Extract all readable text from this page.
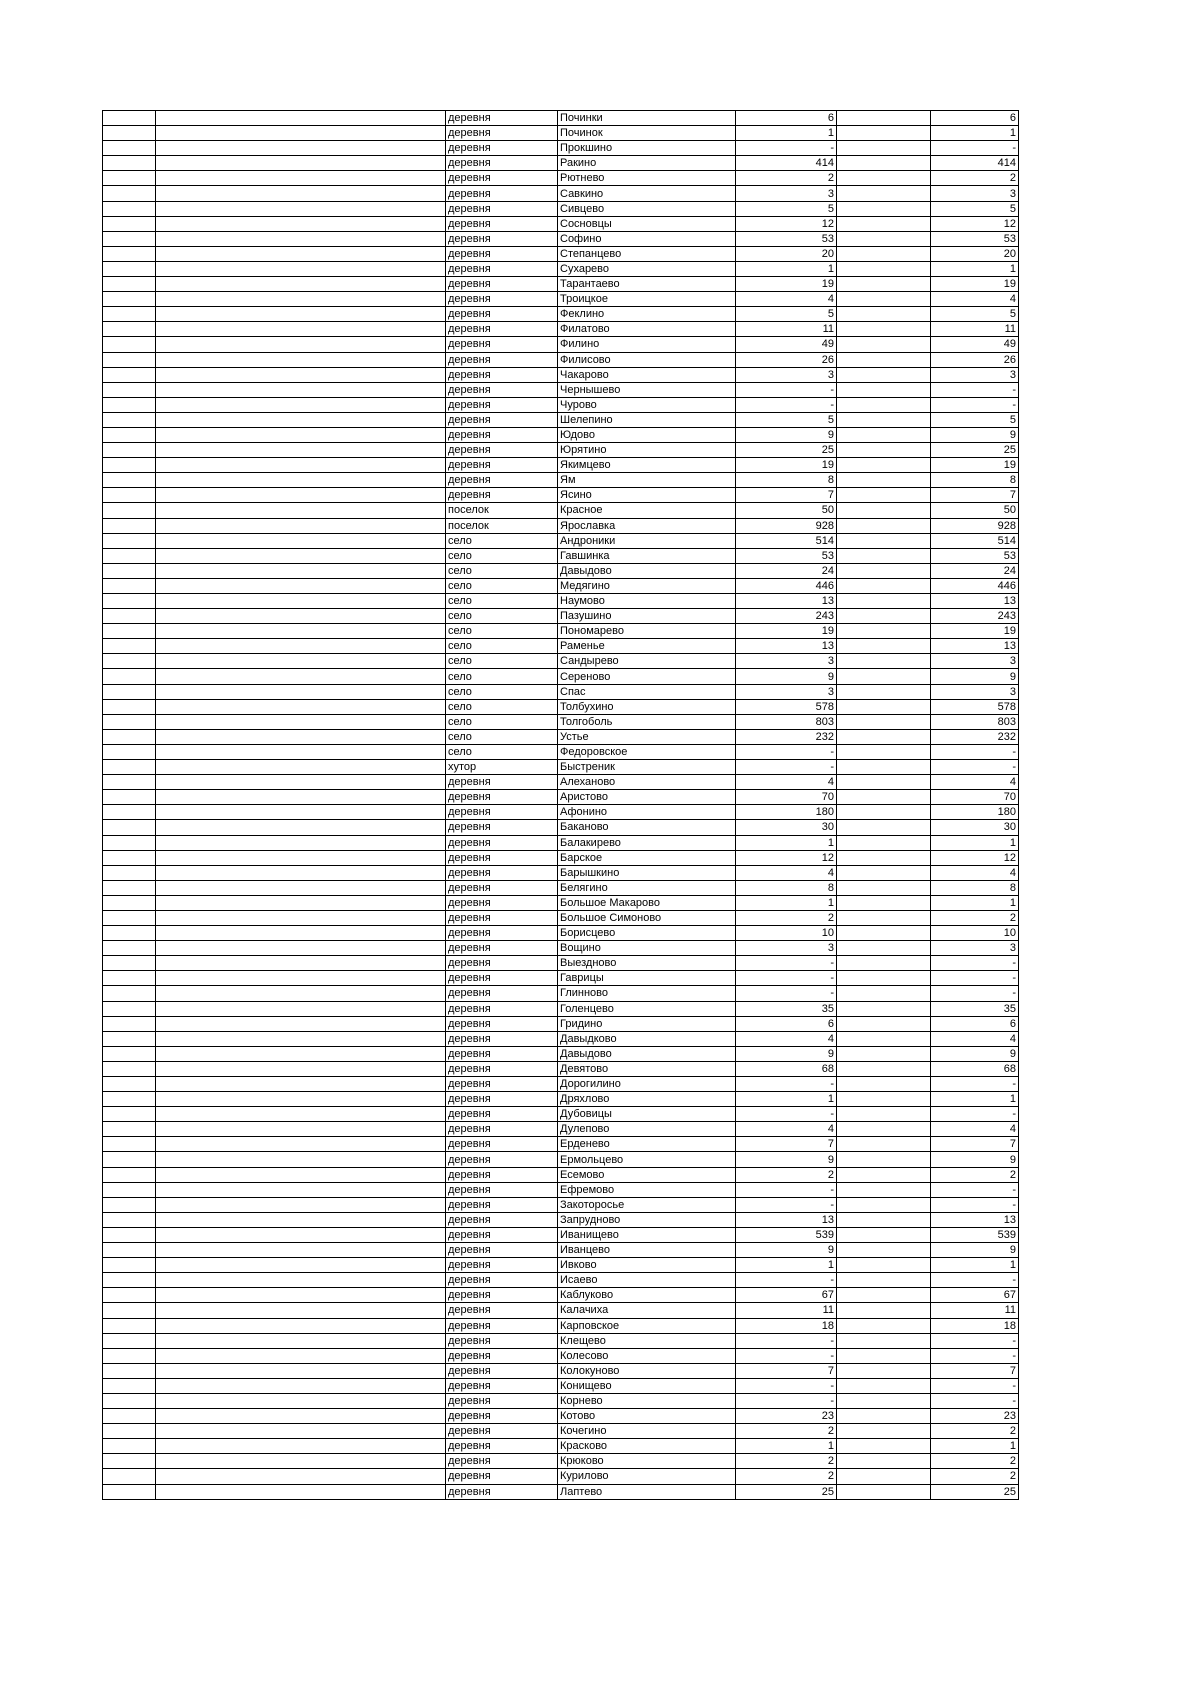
		деревня	Починки	6		6
		деревня	Починок	1		1
		деревня	Прокшино	-		-
		деревня	Ракино	414		414
		деревня	Рютнево	2		2
		деревня	Савкино	3		3
		деревня	Сивцево	5		5
		деревня	Сосновцы	12		12
		деревня	Софино	53		53
		деревня	Степанцево	20		20
		деревня	Сухарево	1		1
		деревня	Тарантаево	19		19
		деревня	Троицкое	4		4
		деревня	Феклино	5		5
		деревня	Филатово	11		11
		деревня	Филино	49		49
		деревня	Филисово	26		26
		деревня	Чакарово	3		3
		деревня	Чернышево	-		-
		деревня	Чурово	-		-
		деревня	Шелепино	5		5
		деревня	Юдово	9		9
		деревня	Юрятино	25		25
		деревня	Якимцево	19		19
		деревня	Ям	8		8
		деревня	Ясино	7		7
		поселок	Красное	50		50
		поселок	Ярославка	928		928
		село	Андроники	514		514
		село	Гавшинка	53		53
		село	Давыдово	24		24
		село	Медягино	446		446
		село	Наумово	13		13
		село	Пазушино	243		243
		село	Пономарево	19		19
		село	Раменье	13		13
		село	Сандырево	3		3
		село	Сереново	9		9
		село	Спас	3		3
		село	Толбухино	578		578
		село	Толгоболь	803		803
		село	Устье	232		232
		село	Федоровское	-		-
		хутор	Быстреник	-		-
		деревня	Алеханово	4		4
		деревня	Аристово	70		70
		деревня	Афонино	180		180
		деревня	Баканово	30		30
		деревня	Балакирево	1		1
		деревня	Барское	12		12
		деревня	Барышкино	4		4
		деревня	Белягино	8		8
		деревня	Большое Макарово	1		1
		деревня	Большое Симоново	2		2
		деревня	Борисцево	10		10
		деревня	Вощино	3		3
		деревня	Выезднoво	-		-
		деревня	Гаврицы	-		-
		деревня	Глинново	-		-
		деревня	Голенцево	35		35
		деревня	Гридино	6		6
		деревня	Давыдково	4		4
		деревня	Давыдово	9		9
		деревня	Девятово	68		68
		деревня	Дорогилино	-		-
		деревня	Дряхлово	1		1
		деревня	Дубовицы	-		-
		деревня	Дулепово	4		4
		деревня	Ерденево	7		7
		деревня	Ермольцево	9		9
		деревня	Есемово	2		2
		деревня	Ефремово	-		-
		деревня	Закоторосье	-		-
		деревня	Запрудново	13		13
		деревня	Иванищево	539		539
		деревня	Иванцево	9		9
		деревня	Ивково	1		1
		деревня	Исаево	-		-
		деревня	Каблуково	67		67
		деревня	Калачиха	11		11
		деревня	Карповское	18		18
		деревня	Клещево	-		-
		деревня	Колесово	-		-
		деревня	Колокуново	7		7
		деревня	Конищево	-		-
		деревня	Корнево	-		-
		деревня	Котово	23		23
		деревня	Кочегино	2		2
		деревня	Красково	1		1
		деревня	Крюково	2		2
		деревня	Курилово	2		2
		деревня	Лаптево	25		25
